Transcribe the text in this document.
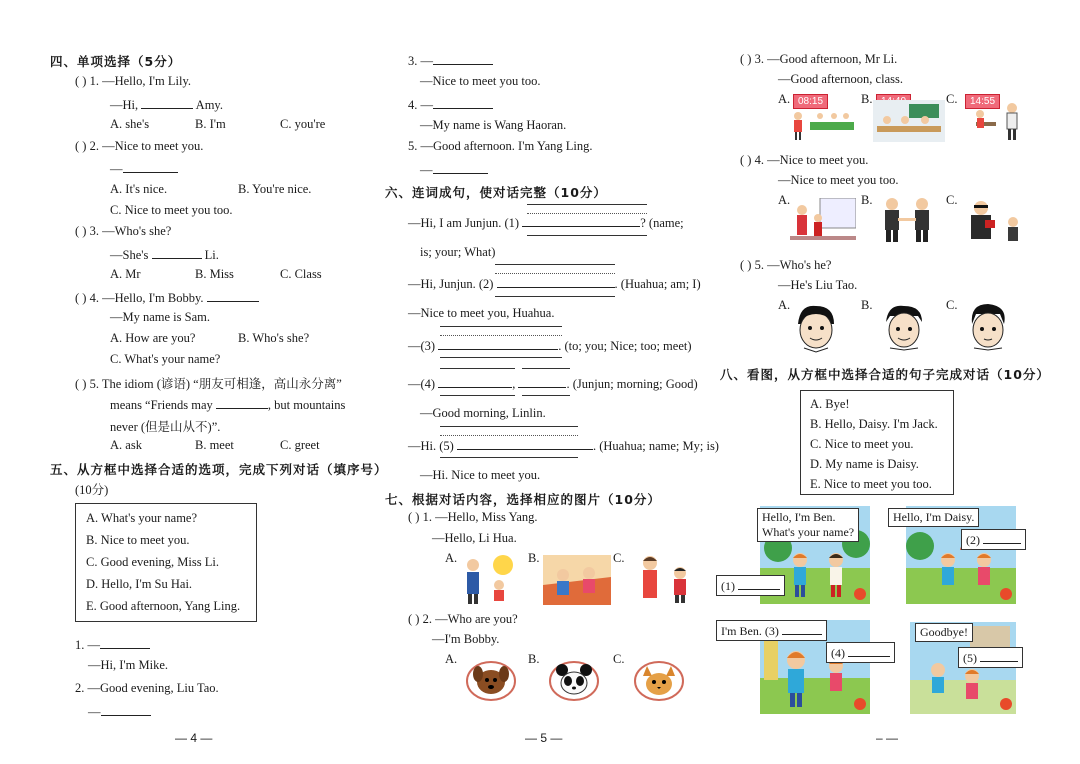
四、单项选择（5分）
( ) 1. —Hello, I'm Lily.
—Hi,	Amy.
A. she's	B. I'm	C. you're
( ) 2. —Nice to meet you.
—
A. It's nice.	B. You're nice.
C. Nice to meet you too.
( ) 3. —Who's she?
—She's	Li.
A. Mr	B. Miss	C. Class
( ) 4. —Hello, I'm Bobby.
—My name is Sam.
A. How are you?	B. Who's she?
C. What's your name?
( ) 5. The idiom (谚语) “朋友可相逢，高山永分离”
means “Friends may	, but mountains
never (但是山从不)”.
A. ask	B. meet	C. greet
五、从方框中选择合适的选项，完成下列对话（填序号）
(10分)
A. What's your name?
B. Nice to meet you.
C. Good evening, Miss Li.
D. Hello, I'm Su Hai.
E. Good afternoon, Yang Ling.
1. —
—Hi, I'm Mike.
2. —Good evening, Liu Tao.
—
— 4 —
3. —
—Nice to meet you too.
4. —
—My name is Wang Haoran.
5. —Good afternoon. I'm Yang Ling.
—
六、连词成句，使对话完整（10分）
—Hi, I am Junjun. (1)	? (name;
is; your; What)
—Hi, Junjun. (2)	. (Huahua; am; I)
—Nice to meet you, Huahua.
—(3)	. (to; you; Nice; too; meet)
—(4)	,	. (Junjun; morning; Good)
—Good morning, Linlin.
—Hi. (5)	. (Huahua; name; My; is)
—Hi. Nice to meet you.
七、根据对话内容，选择相应的图片（10分）
( ) 1. —Hello, Miss Yang.
—Hello, Li Hua.
A.	B.	C.
( ) 2. —Who are you?
—I'm Bobby.
A.	B.	C.
— 5 —
( ) 3. —Good afternoon, Mr Li.
—Good afternoon, class.
A. 08:15	B.	C.	14:55
( ) 4. —Nice to meet you.
—Nice to meet you too.
A.	B.	C.
( ) 5. —Who's he?
—He's Liu Tao.
A.	B.	C.
八、看图，从方框中选择合适的句子完成对话（10分）
A. Bye!
B. Hello, Daisy. I'm Jack.
C. Nice to meet you.
D. My name is Daisy.
E. Nice to meet you too.
Hello, I'm Ben.
What's your name?
(1)
Hello, I'm Daisy.
(2)
I'm Ben. (3)
(4)
Goodbye!
(5)
– —
